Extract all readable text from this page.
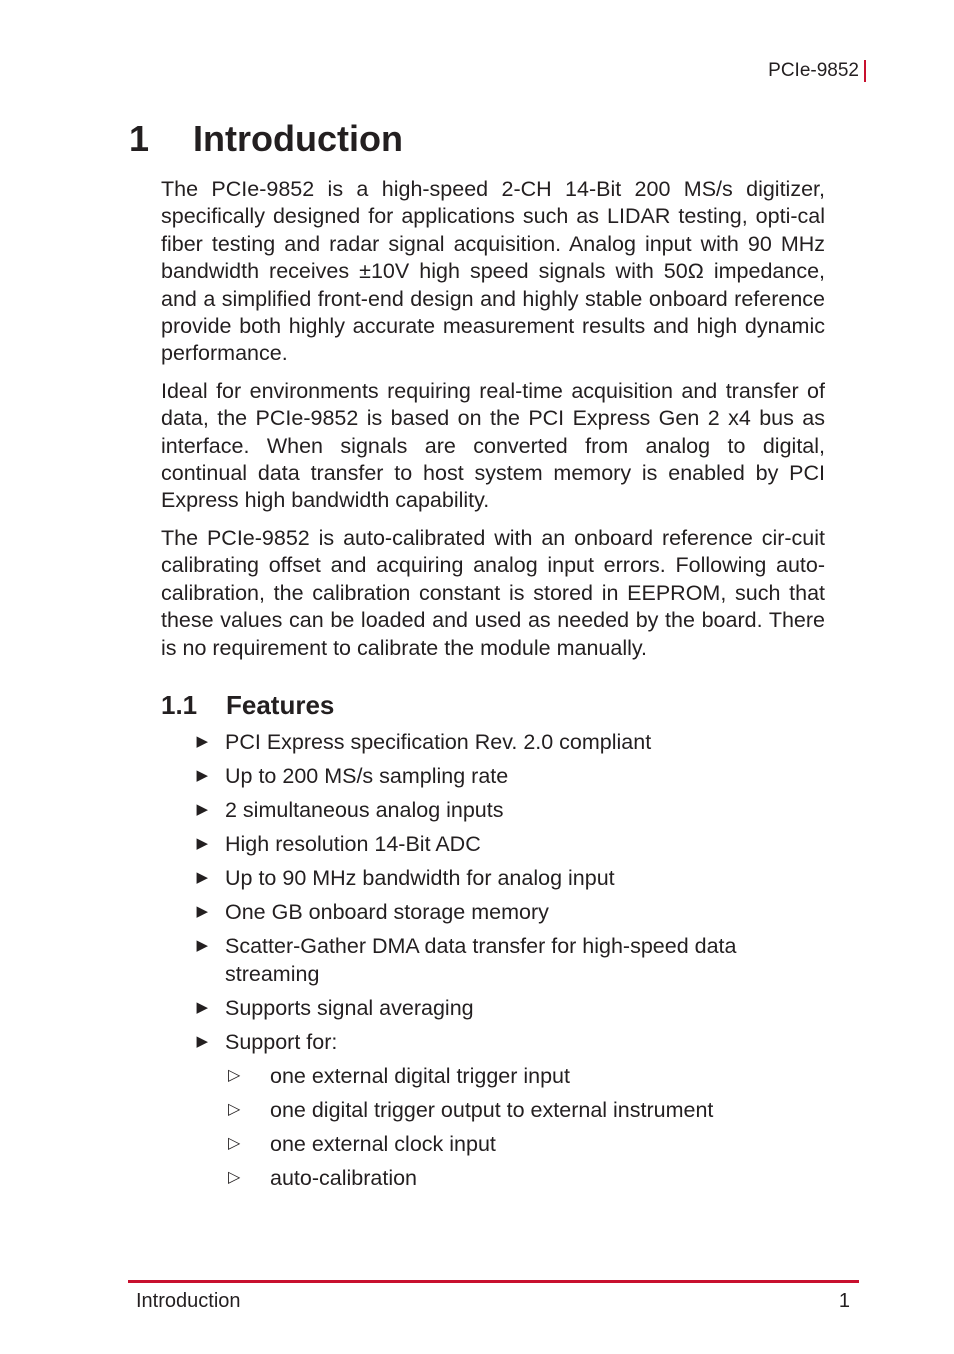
PCIe-9852
1	Introduction

The PCIe-9852 is a high-speed 2-CH 14-Bit 200 MS/s digitizer, specifically designed for applications such as LIDAR testing, opti-cal fiber testing and radar signal acquisition. Analog input with 90 MHz bandwidth receives ±10V high speed signals with 50Ω impedance, and a simplified front-end design and highly stable onboard reference provide both highly accurate measurement results and high dynamic performance.

Ideal for environments requiring real-time acquisition and transfer of data, the PCIe-9852 is based on the PCI Express Gen 2 x4 bus as interface. When signals are converted from analog to digital, continual data transfer to host system memory is enabled by PCI Express high bandwidth capability.

The PCIe-9852 is auto-calibrated with an onboard reference cir-cuit calibrating offset and acquiring analog input errors. Following auto-calibration, the calibration constant is stored in EEPROM, such that these values can be loaded and used as needed by the board. There is no requirement to calibrate the module manually.

1.1	Features
▶ PCI Express specification Rev. 2.0 compliant
▶ Up to 200 MS/s sampling rate
▶ 2 simultaneous analog inputs
▶ High resolution 14-Bit ADC
▶ Up to 90 MHz bandwidth for analog input
▶ One GB onboard storage memory
▶ Scatter-Gather DMA data transfer for high-speed data streaming
▶ Supports signal averaging
▶ Support for:
▷	one external digital trigger input
▷	one digital trigger output to external instrument
▷	one external clock input
▷	auto-calibration
Introduction	1
